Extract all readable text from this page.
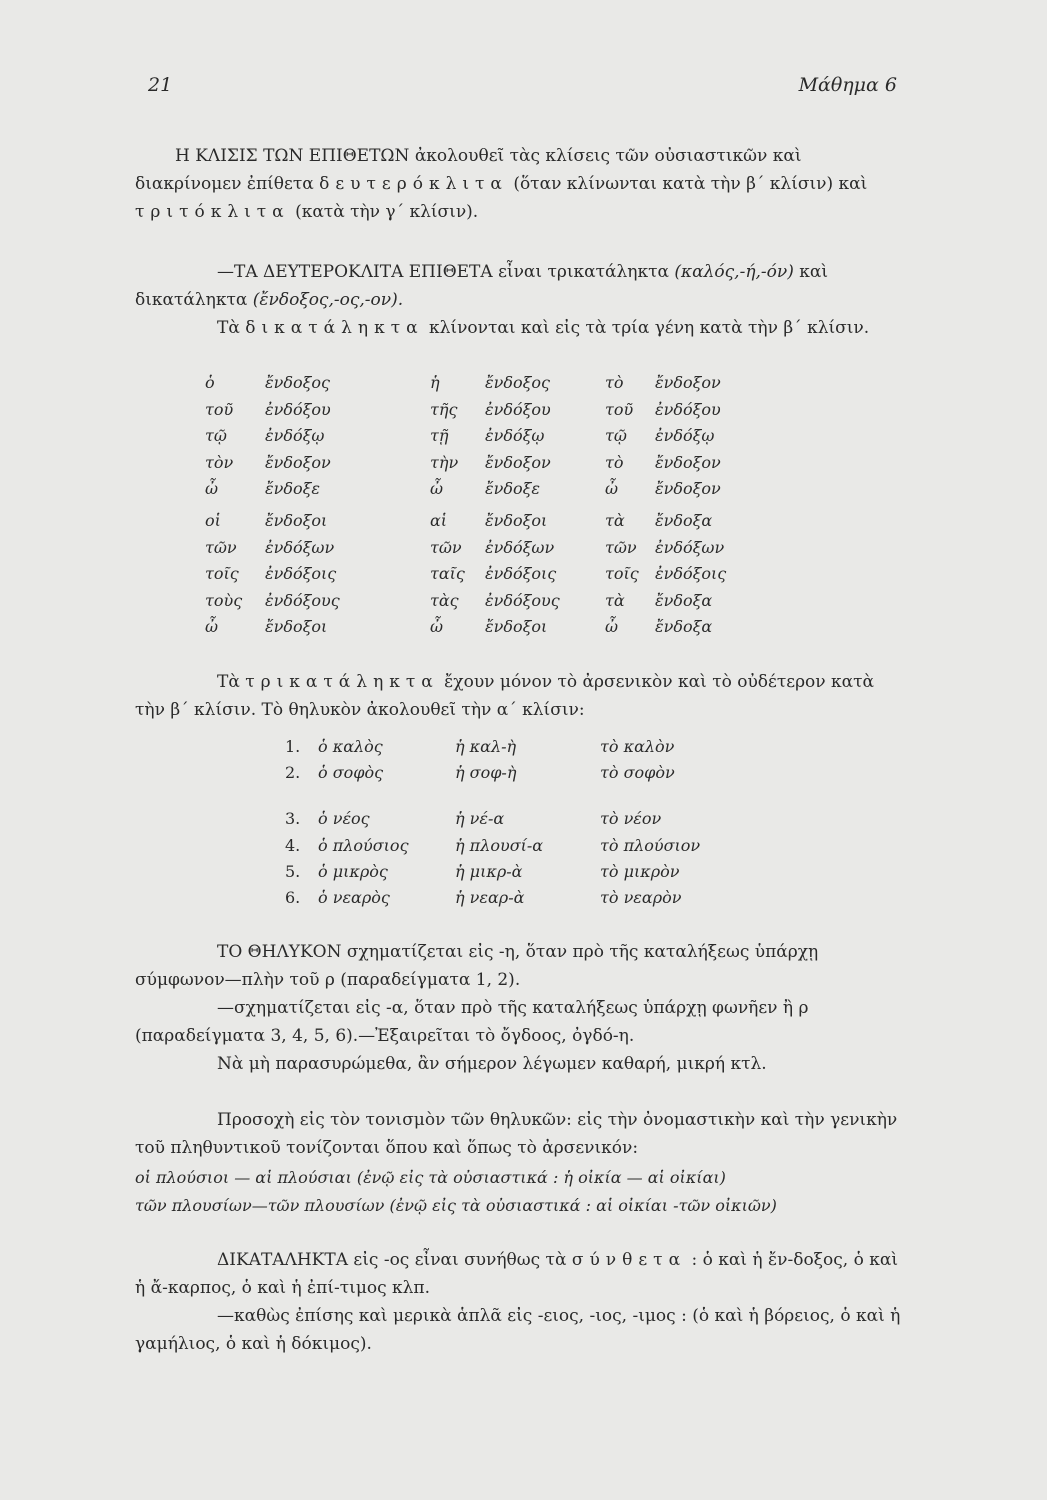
21	Μάθημα 6

Η ΚΛΙΣΙΣ ΤΩΝ ΕΠΙΘΕΤΩΝ ἀκολουθεῖ τὰς κλίσεις τῶν οὐσιαστικῶν καὶ διακρίνομεν ἐπίθετα δευτερόκλιτα (ὅταν κλίνωνται κατὰ τὴν β΄ κλίσιν) καὶ τριτόκλιτα (κατὰ τὴν γ΄ κλίσιν).

—ΤΑ ΔΕΥΤΕΡΟΚΛΙΤΑ ΕΠΙΘΕΤΑ εἶναι τρικατάληκτα (καλός,-ή,-όν) καὶ δικατάληκτα (ἔνδοξος,-ος,-ον).

Τὰ δικατάληκτα κλίνονται καὶ εἰς τὰ τρία γένη κατὰ τὴν β΄ κλίσιν.

ὁ	ἔνδοξος	ἡ	ἔνδοξος	τὸ ἔνδοξον
τοῦ ἐνδόξου	τῆς ἐνδόξου	τοῦ ἐνδόξου
τῷ ἐνδόξῳ	τῇ ἐνδόξῳ	τῷ ἐνδόξῳ
τὸν ἔνδοξον	τὴν ἔνδοξον	τὸ ἔνδοξον
ὦ	ἔνδοξε	ὦ	ἔνδοξε	ὦ ἔνδοξον
οἱ	ἔνδοξοι	αἱ ἔνδοξοι	τὰ ἔνδοξα
τῶν ἐνδόξων	τῶν ἐνδόξων	τῶν ἐνδόξων
τοῖς ἐνδόξοις	ταῖς ἐνδόξοις	τοῖς ἐνδόξοις
τοὺς ἐνδόξους	τὰς ἐνδόξους	τὰ ἔνδοξα
ὦ	ἔνδοξοι	ὦ	ἔνδοξοι	ὦ ἔνδοξα

Τὰ τρικατάληκτα ἔχουν μόνον τὸ ἀρσενικὸν καὶ τὸ οὐδέτερον κατὰ τὴν β΄ κλίσιν. Τὸ θηλυκὸν ἀκολουθεῖ τὴν α΄ κλίσιν:

1. ὁ καλὸς	ἡ καλ-ὴ	τὸ καλὸν
2. ὁ σοφὸς	ἡ σοφ-ὴ	τὸ σοφὸν
3. ὁ νέος	ἡ νέ-α	τὸ νέον
4. ὁ πλούσιος	ἡ πλουσί-α	τὸ πλούσιον
5. ὁ μικρὸς	ἡ μικρ-ὰ	τὸ μικρὸν
6. ὁ νεαρὸς	ἡ νεαρ-ὰ	τὸ νεαρὸν

ΤΟ ΘΗΛΥΚΟΝ σχηματίζεται εἰς -η, ὅταν πρὸ τῆς καταλήξεως ὑπάρχῃ σύμφωνον—πλὴν τοῦ ρ (παραδείγματα 1, 2).

—σχηματίζεται εἰς -α, ὅταν πρὸ τῆς καταλήξεως ὑπάρχῃ φωνῆεν ἢ ρ (παραδείγματα 3, 4, 5, 6).—Ἐξαιρεῖται τὸ ὄγδοος, ὀγδό-η.

Νὰ μὴ παρασυρώμεθα, ἂν σήμερον λέγωμεν καθαρή, μικρή κτλ.

Προσοχὴ εἰς τὸν τονισμὸν τῶν θηλυκῶν: εἰς τὴν ὀνομαστικὴν καὶ τὴν γενικὴν τοῦ πληθυντικοῦ τονίζονται ὅπου καὶ ὅπως τὸ ἀρσενικόν:

οἱ πλούσιοι — αἱ πλούσιαι (ἐνῷ εἰς τὰ οὐσιαστικά : ἡ οἰκία — αἱ οἰκίαι)

τῶν πλουσίων—τῶν πλουσίων (ἐνῷ εἰς τὰ οὐσιαστικά : αἱ οἰκίαι -τῶν οἰκιῶν)

ΔΙΚΑΤΑΛΗΚΤΑ εἰς -ος εἶναι συνήθως τὰ σύνθετα : ὁ καὶ ἡ ἔν-δοξος, ὁ καὶ ἡ ἄ-καρπος, ὁ καὶ ἡ ἐπί-τιμος κλπ.

—καθὼς ἐπίσης καὶ μερικὰ ἁπλᾶ εἰς -ειος, -ιος, -ιμος : (ὁ καὶ ἡ βόρειος, ὁ καὶ ἡ γαμήλιος, ὁ καὶ ἡ δόκιμος).
